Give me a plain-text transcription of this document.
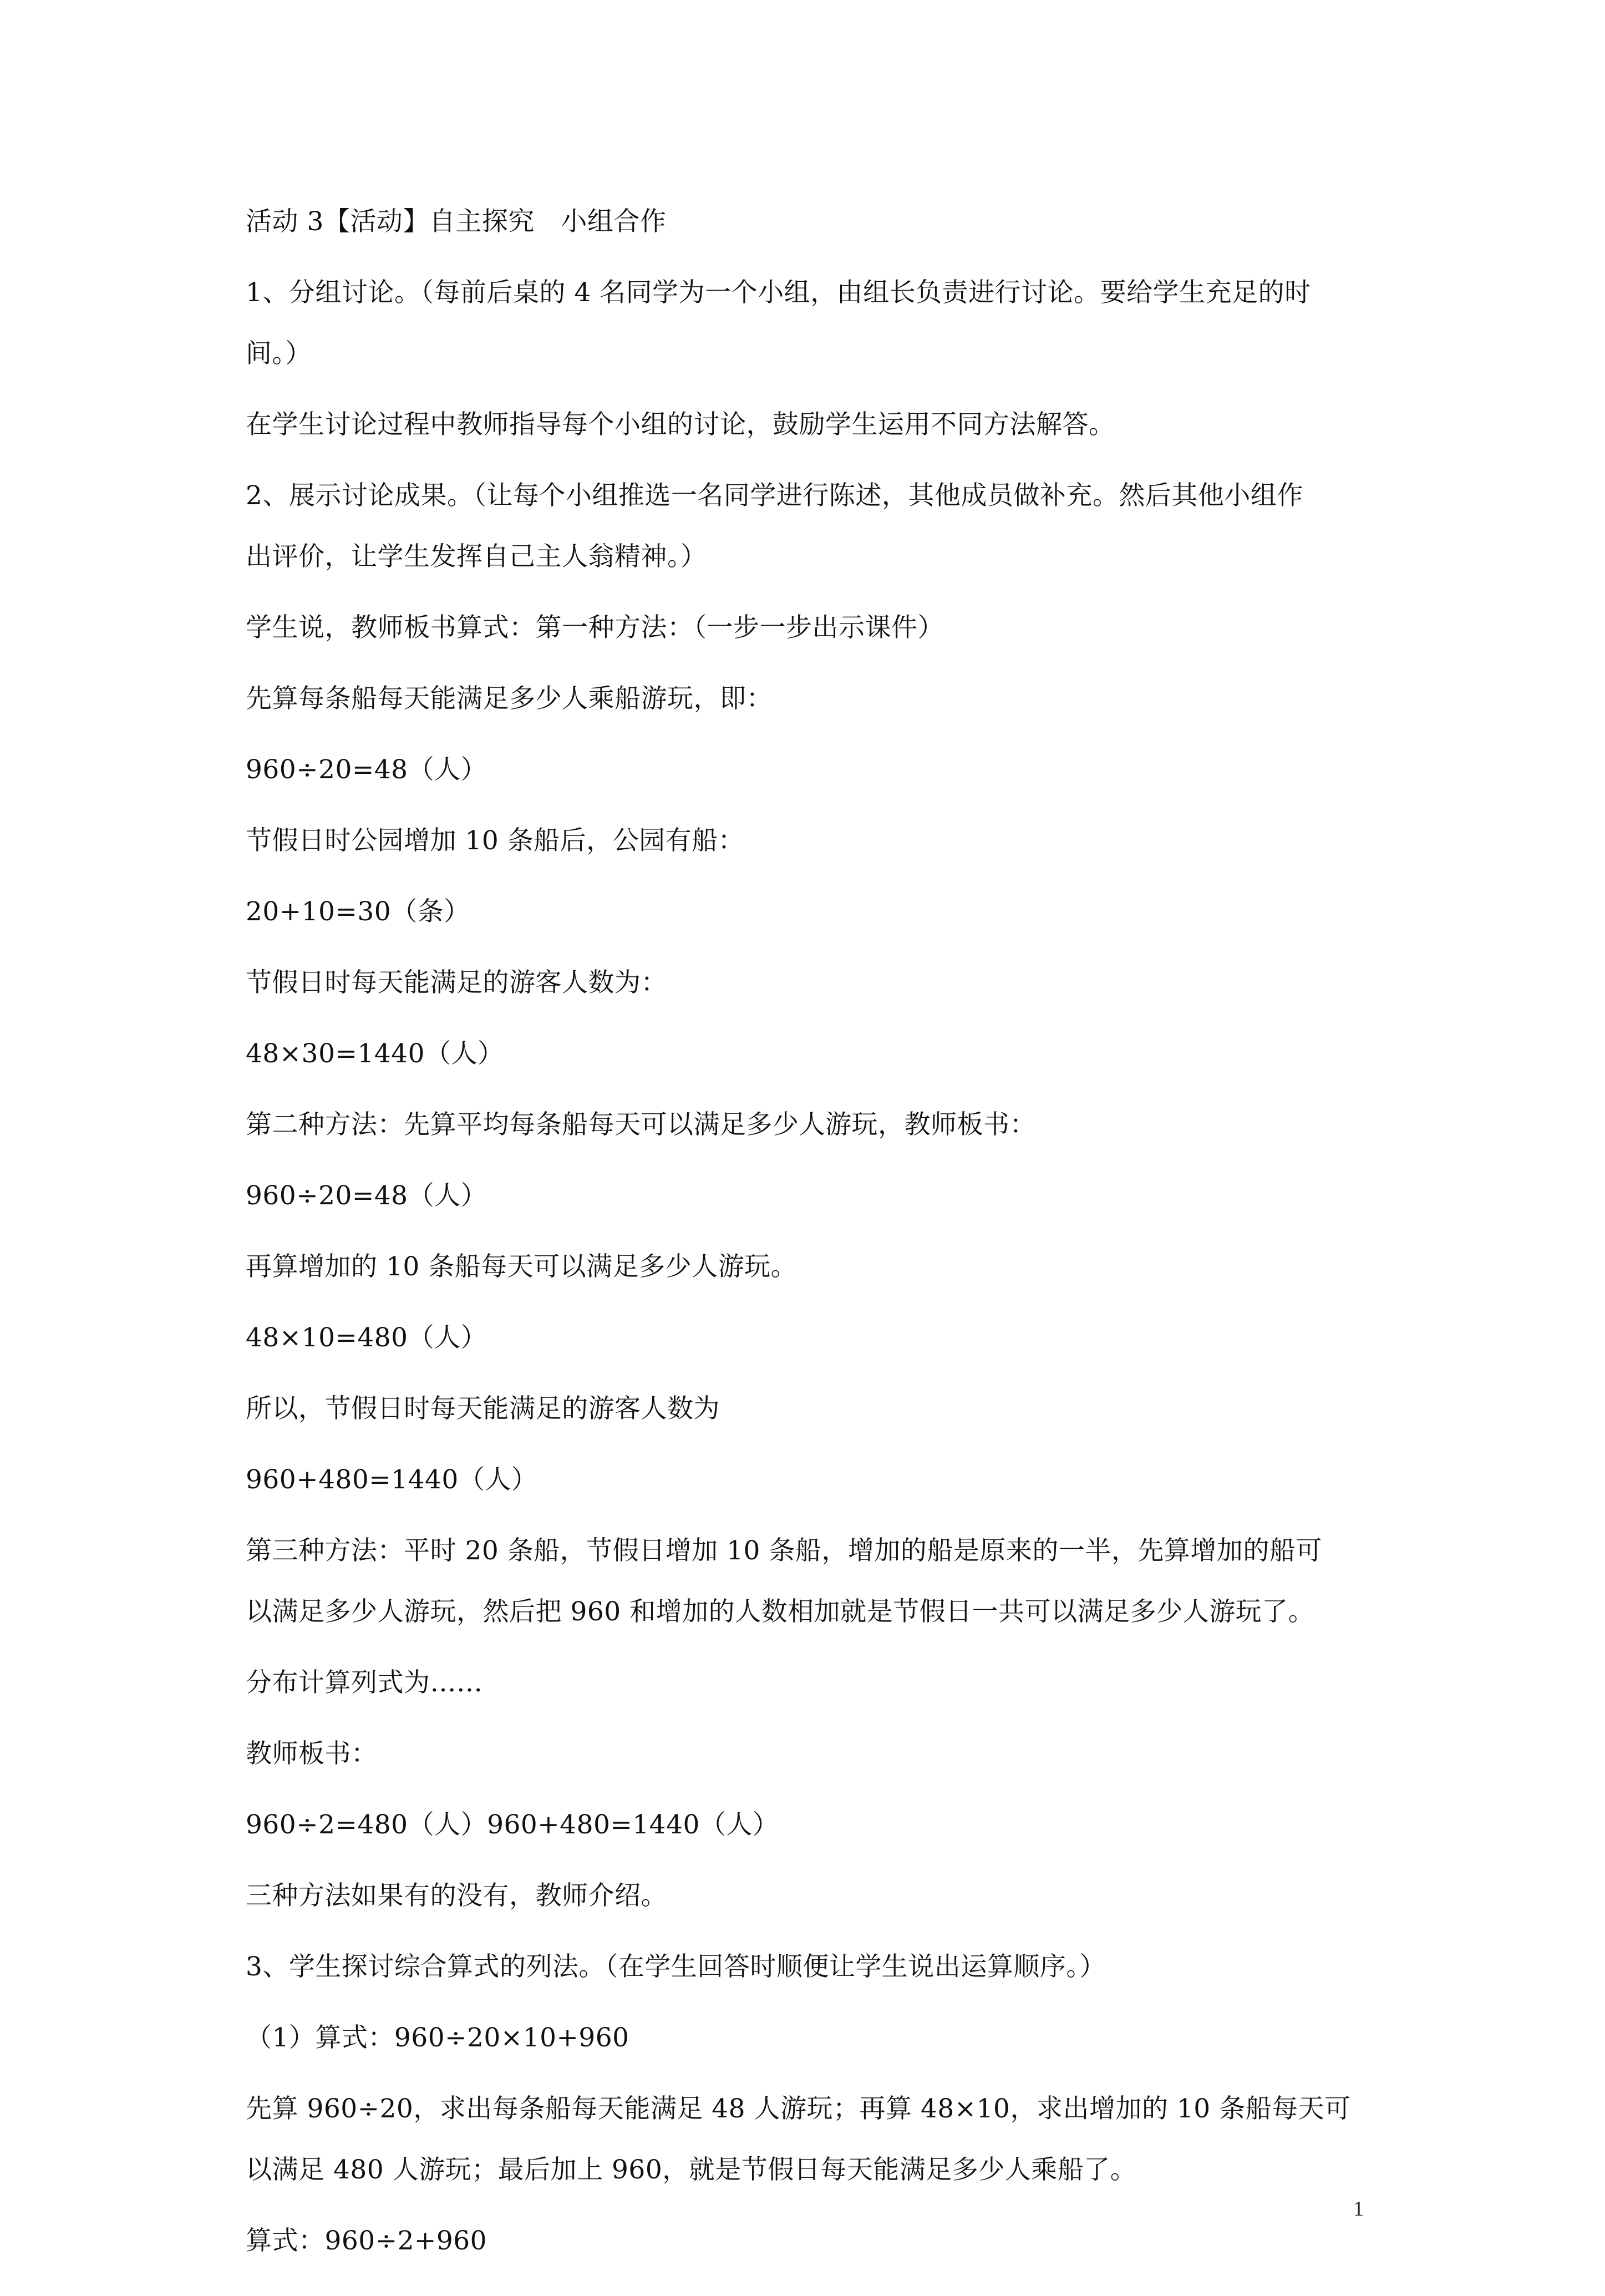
活动 3【活动】自主探究　小组合作
1、分组讨论。（每前后桌的 4 名同学为一个小组，由组长负责进行讨论。要给学生充足的时
间。）
在学生讨论过程中教师指导每个小组的讨论，鼓励学生运用不同方法解答。
2、展示讨论成果。（让每个小组推选一名同学进行陈述，其他成员做补充。然后其他小组作
出评价，让学生发挥自己主人翁精神。）
学生说，教师板书算式：第一种方法：（一步一步出示课件）
先算每条船每天能满足多少人乘船游玩，即：
960÷20=48（人）
节假日时公园增加 10 条船后，公园有船：
20+10=30（条）
节假日时每天能满足的游客人数为：
48×30=1440（人）
第二种方法：先算平均每条船每天可以满足多少人游玩，教师板书：
960÷20=48（人）
再算增加的 10 条船每天可以满足多少人游玩。
48×10=480（人）
所以，节假日时每天能满足的游客人数为
960+480=1440（人）
第三种方法：平时 20 条船，节假日增加 10 条船，增加的船是原来的一半，先算增加的船可
以满足多少人游玩，然后把 960 和增加的人数相加就是节假日一共可以满足多少人游玩了。
分布计算列式为……
教师板书：
960÷2=480（人）960+480=1440（人）
三种方法如果有的没有，教师介绍。
3、学生探讨综合算式的列法。（在学生回答时顺便让学生说出运算顺序。）
（1）算式：960÷20×10+960
先算 960÷20，求出每条船每天能满足 48 人游玩；再算 48×10，求出增加的 10 条船每天可
以满足 480 人游玩；最后加上 960，就是节假日每天能满足多少人乘船了。
算式：960÷2+960
1
